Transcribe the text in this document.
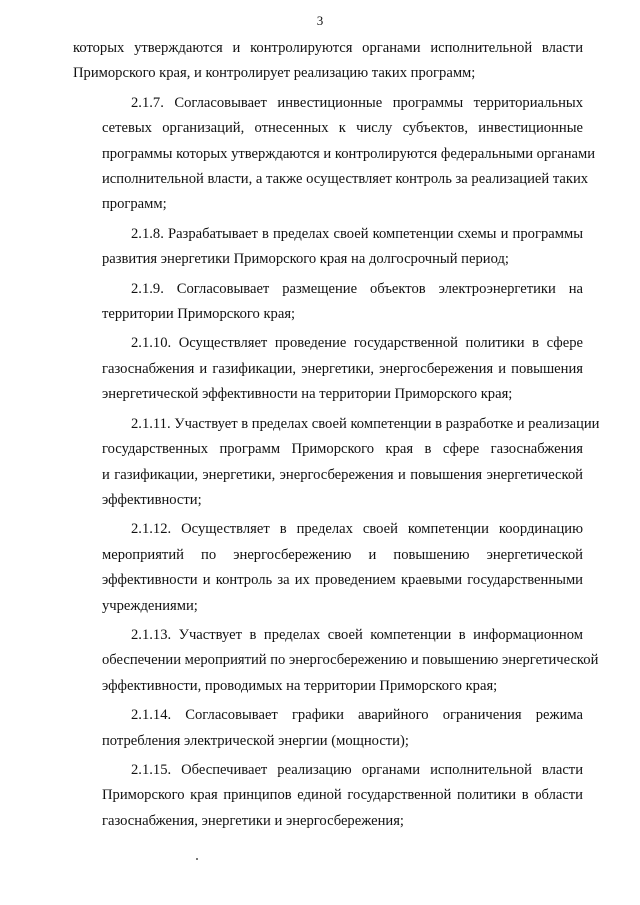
3
которых утверждаются и контролируются органами исполнительной власти
Приморского края, и контролирует реализацию таких программ;
2.1.7. Согласовывает инвестиционные программы территориальных
сетевых организаций, отнесенных к числу субъектов, инвестиционные
программы которых утверждаются и контролируются федеральными органами
исполнительной власти, а также осуществляет контроль за реализацией таких
программ;
2.1.8. Разрабатывает в пределах своей компетенции схемы и программы
развития энергетики Приморского края на долгосрочный период;
2.1.9. Согласовывает размещение объектов электроэнергетики на
территории Приморского края;
2.1.10. Осуществляет проведение государственной политики в сфере
газоснабжения и газификации, энергетики, энергосбережения и повышения
энергетической эффективности на территории Приморского края;
2.1.11. Участвует в пределах своей компетенции в разработке и реализации
государственных программ Приморского края в сфере газоснабжения
и газификации, энергетики, энергосбережения и повышения энергетической
эффективности;
2.1.12. Осуществляет в пределах своей компетенции координацию
мероприятий по энергосбережению и повышению энергетической
эффективности и контроль за их проведением краевыми государственными
учреждениями;
2.1.13. Участвует в пределах своей компетенции в информационном
обеспечении мероприятий по энергосбережению и повышению энергетической
эффективности, проводимых на территории Приморского края;
2.1.14. Согласовывает графики аварийного ограничения режима
потребления электрической энергии (мощности);
2.1.15. Обеспечивает реализацию органами исполнительной власти
Приморского края принципов единой государственной политики в области
газоснабжения, энергетики и энергосбережения;
